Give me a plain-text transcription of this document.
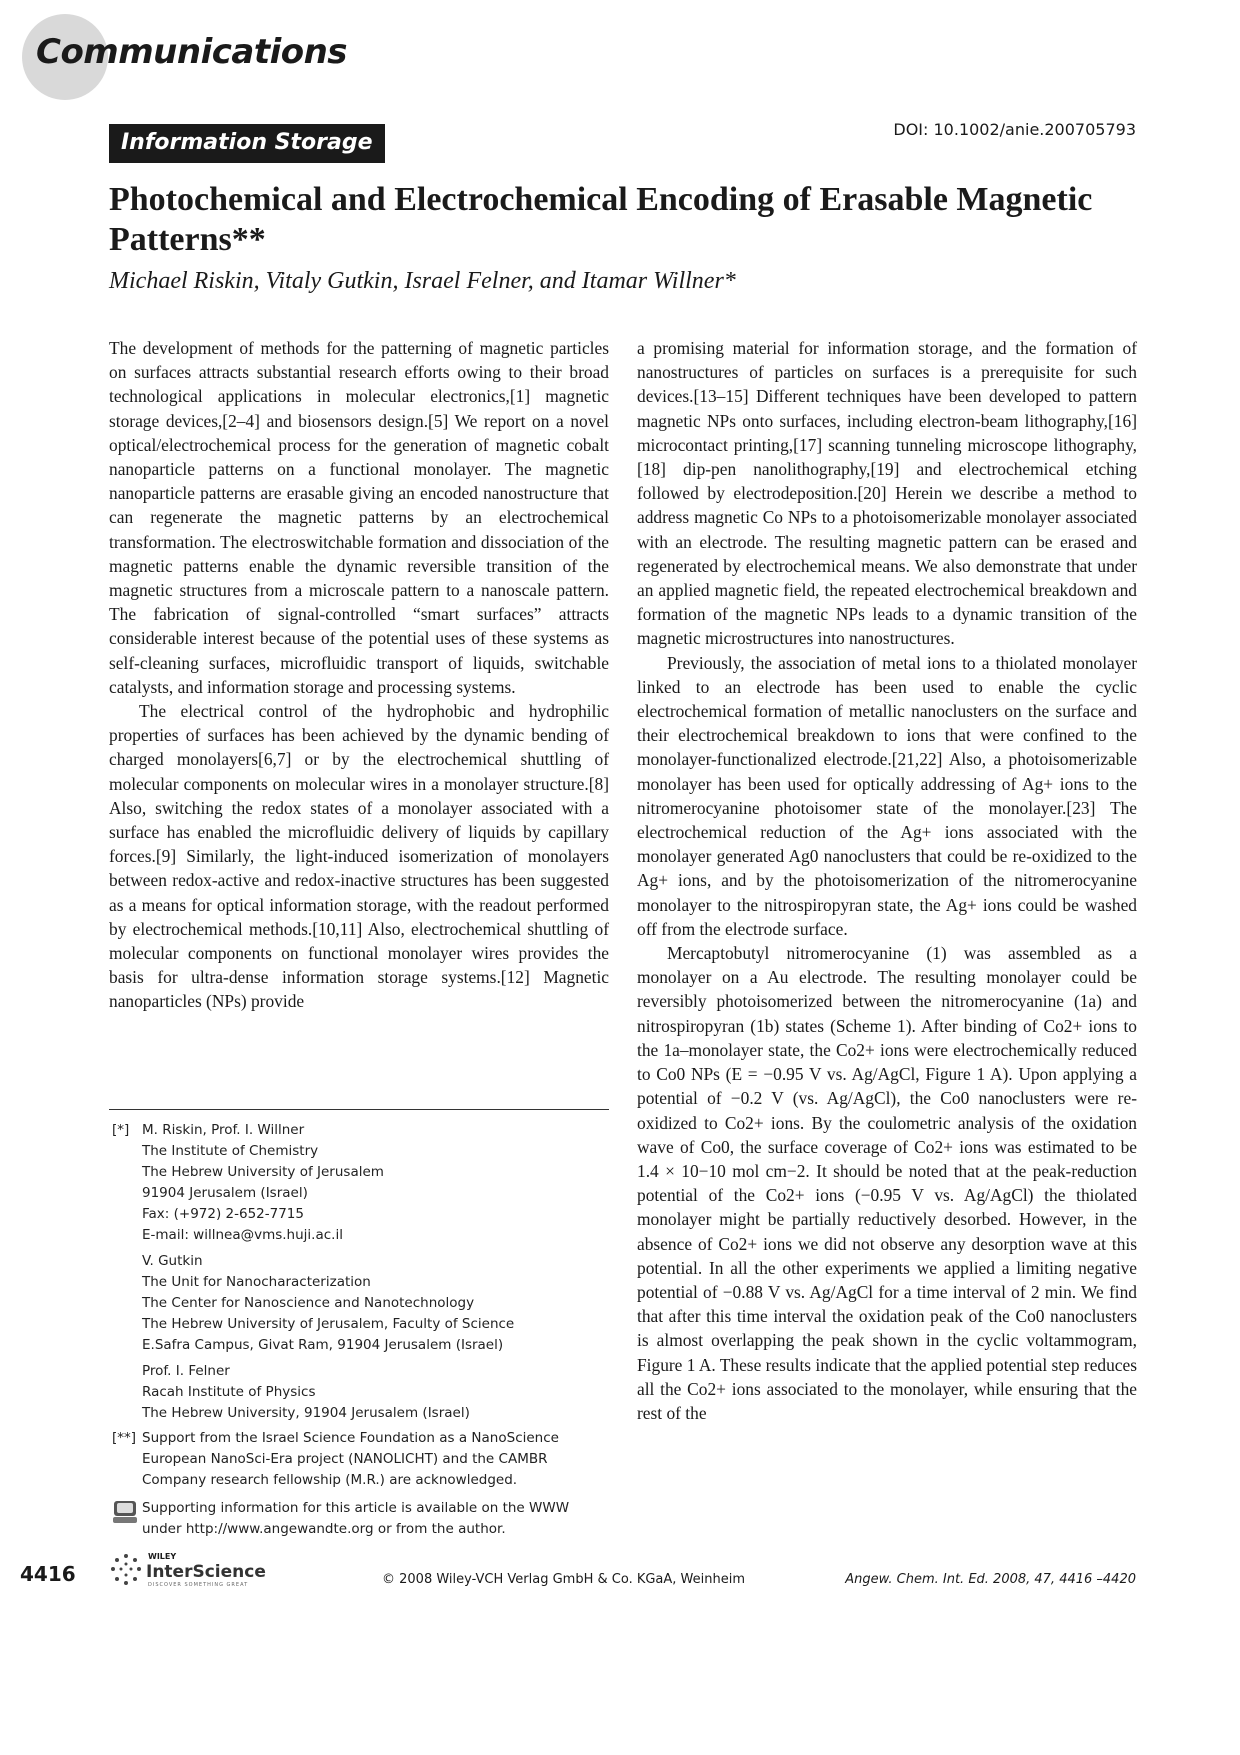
Communications
Information Storage
DOI: 10.1002/anie.200705793
Photochemical and Electrochemical Encoding of Erasable Magnetic Patterns**
Michael Riskin, Vitaly Gutkin, Israel Felner, and Itamar Willner*

The development of methods for the patterning of magnetic particles on surfaces attracts substantial research efforts owing to their broad technological applications in molecular electronics,[1] magnetic storage devices,[2–4] and biosensors design.[5] We report on a novel optical/electrochemical process for the generation of magnetic cobalt nanoparticle patterns on a functional monolayer. The magnetic nanoparticle patterns are erasable giving an encoded nanostructure that can regenerate the magnetic patterns by an electrochemical transformation. The electroswitchable formation and dissociation of the magnetic patterns enable the dynamic reversible transition of the magnetic structures from a microscale pattern to a nanoscale pattern. The fabrication of signal-controlled “smart surfaces” attracts considerable interest because of the potential uses of these systems as self-cleaning surfaces, microfluidic transport of liquids, switchable catalysts, and information storage and processing systems.

The electrical control of the hydrophobic and hydrophilic properties of surfaces has been achieved by the dynamic bending of charged monolayers[6,7] or by the electrochemical shuttling of molecular components on molecular wires in a monolayer structure.[8] Also, switching the redox states of a monolayer associated with a surface has enabled the microfluidic delivery of liquids by capillary forces.[9] Similarly, the light-induced isomerization of monolayers between redox-active and redox-inactive structures has been suggested as a means for optical information storage, with the readout performed by electrochemical methods.[10,11] Also, electrochemical shuttling of molecular components on functional monolayer wires provides the basis for ultra-dense information storage systems.[12] Magnetic nanoparticles (NPs) provide

a promising material for information storage, and the formation of nanostructures of particles on surfaces is a prerequisite for such devices.[13–15] Different techniques have been developed to pattern magnetic NPs onto surfaces, including electron-beam lithography,[16] microcontact printing,[17] scanning tunneling microscope lithography,[18] dip-pen nanolithography,[19] and electrochemical etching followed by electrodeposition.[20] Herein we describe a method to address magnetic Co NPs to a photoisomerizable monolayer associated with an electrode. The resulting magnetic pattern can be erased and regenerated by electrochemical means. We also demonstrate that under an applied magnetic field, the repeated electrochemical breakdown and formation of the magnetic NPs leads to a dynamic transition of the magnetic microstructures into nanostructures.

Previously, the association of metal ions to a thiolated monolayer linked to an electrode has been used to enable the cyclic electrochemical formation of metallic nanoclusters on the surface and their electrochemical breakdown to ions that were confined to the monolayer-functionalized electrode.[21,22] Also, a photoisomerizable monolayer has been used for optically addressing of Ag+ ions to the nitromerocyanine photoisomer state of the monolayer.[23] The electrochemical reduction of the Ag+ ions associated with the monolayer generated Ag0 nanoclusters that could be re-oxidized to the Ag+ ions, and by the photoisomerization of the nitromerocyanine monolayer to the nitrospiropyran state, the Ag+ ions could be washed off from the electrode surface.

Mercaptobutyl nitromerocyanine (1) was assembled as a monolayer on a Au electrode. The resulting monolayer could be reversibly photoisomerized between the nitromerocyanine (1a) and nitrospiropyran (1b) states (Scheme 1). After binding of Co2+ ions to the 1a–monolayer state, the Co2+ ions were electrochemically reduced to Co0 NPs (E = −0.95 V vs. Ag/AgCl, Figure 1 A). Upon applying a potential of −0.2 V (vs. Ag/AgCl), the Co0 nanoclusters were re-oxidized to Co2+ ions. By the coulometric analysis of the oxidation wave of Co0, the surface coverage of Co2+ ions was estimated to be 1.4 × 10−10 mol cm−2. It should be noted that at the peak-reduction potential of the Co2+ ions (−0.95 V vs. Ag/AgCl) the thiolated monolayer might be partially reductively desorbed. However, in the absence of Co2+ ions we did not observe any desorption wave at this potential. In all the other experiments we applied a limiting negative potential of −0.88 V vs. Ag/AgCl for a time interval of 2 min. We find that after this time interval the oxidation peak of the Co0 nanoclusters is almost overlapping the peak shown in the cyclic voltammogram, Figure 1 A. These results indicate that the applied potential step reduces all the Co2+ ions associated to the monolayer, while ensuring that the rest of the

[*] M. Riskin, Prof. I. Willner
The Institute of Chemistry
The Hebrew University of Jerusalem
91904 Jerusalem (Israel)
Fax: (+972) 2-652-7715
E-mail: willnea@vms.huji.ac.il
V. Gutkin
The Unit for Nanocharacterization
The Center for Nanoscience and Nanotechnology
The Hebrew University of Jerusalem, Faculty of Science
E.Safra Campus, Givat Ram, 91904 Jerusalem (Israel)
Prof. I. Felner
Racah Institute of Physics
The Hebrew University, 91904 Jerusalem (Israel)
[**] Support from the Israel Science Foundation as a NanoScience
European NanoSci-Era project (NANOLICHT) and the CAMBR
Company research fellowship (M.R.) are acknowledged.
Supporting information for this article is available on the WWW
under http://www.angewandte.org or from the author.
4416
WILEY
InterScience
DISCOVER SOMETHING GREAT	© 2008 Wiley-VCH Verlag GmbH & Co. KGaA, Weinheim	Angew. Chem. Int. Ed. 2008, 47, 4416 –4420
